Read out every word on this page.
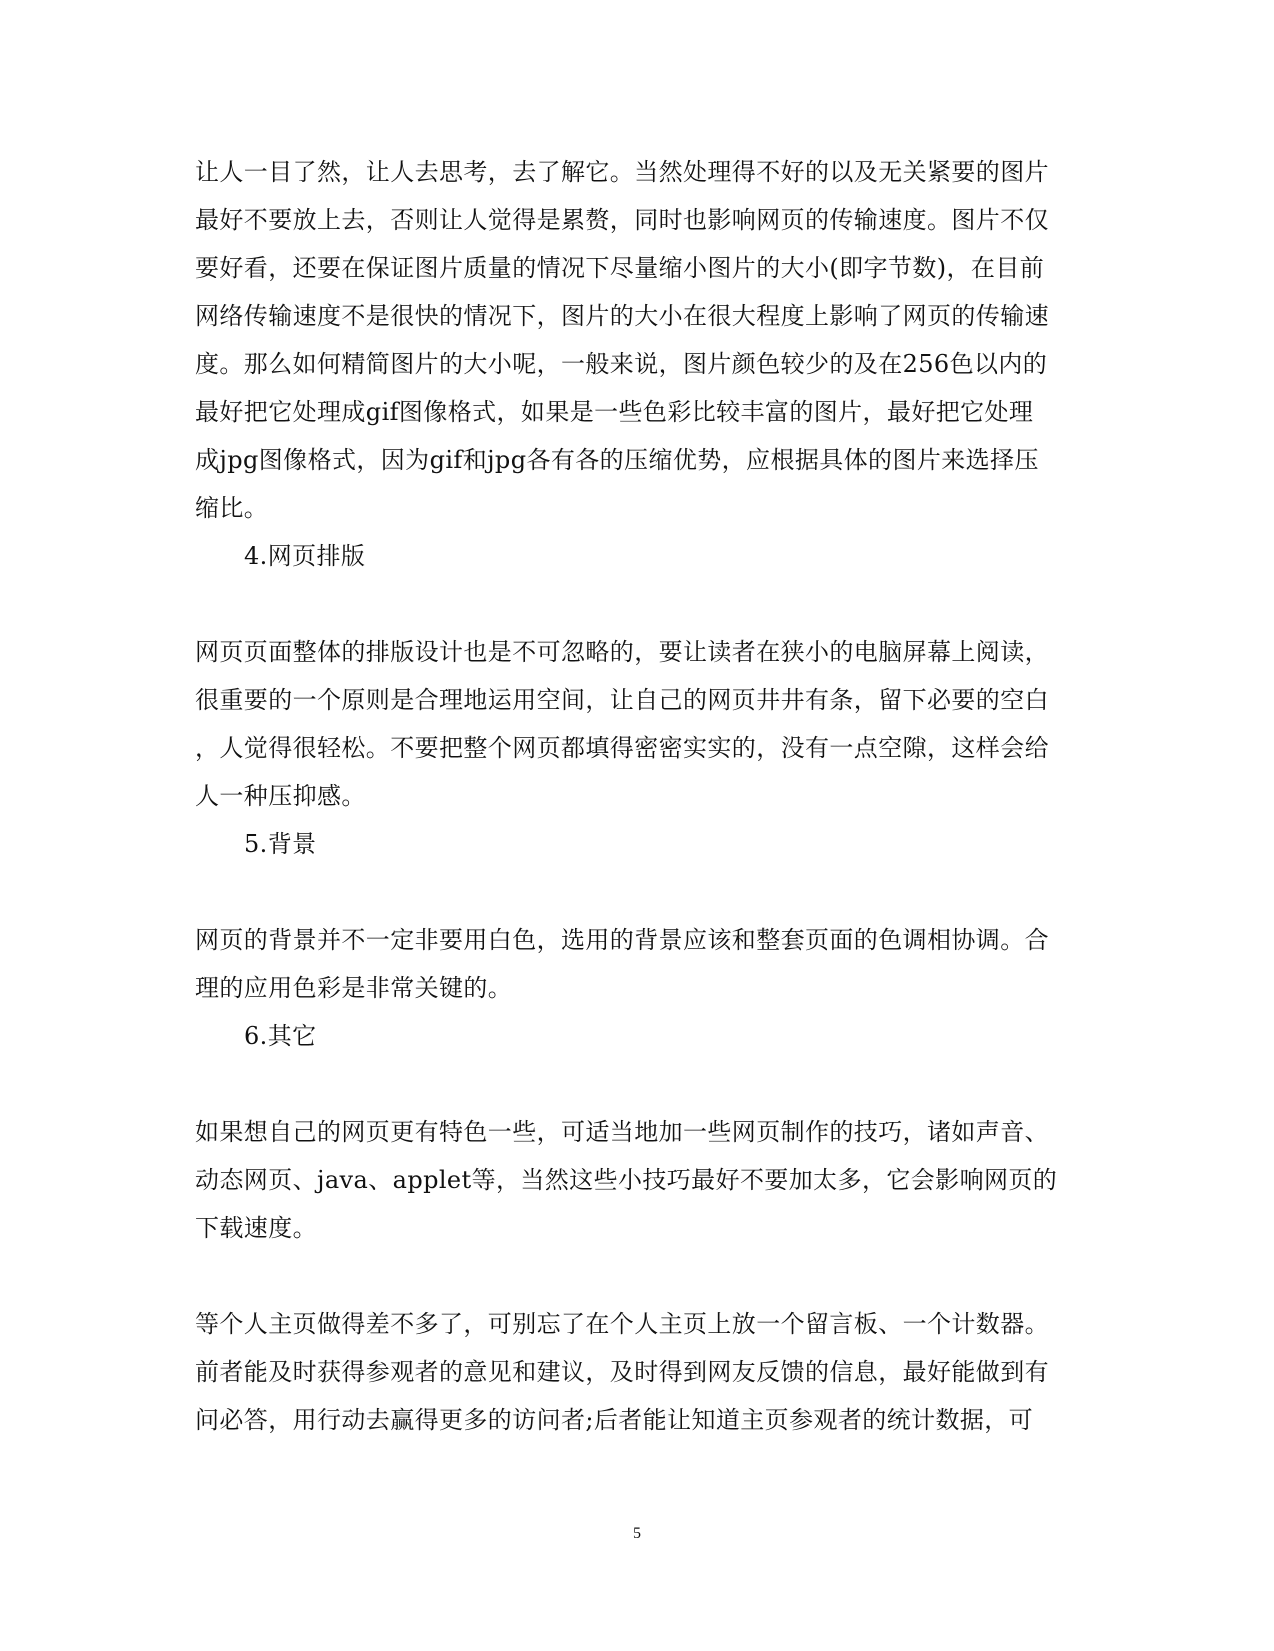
让人一目了然，让人去思考，去了解它。当然处理得不好的以及无关紧要的图片
最好不要放上去，否则让人觉得是累赘，同时也影响网页的传输速度。图片不仅
要好看，还要在保证图片质量的情况下尽量缩小图片的大小(即字节数)，在目前
网络传输速度不是很快的情况下，图片的大小在很大程度上影响了网页的传输速
度。那么如何精简图片的大小呢，一般来说，图片颜色较少的及在256色以内的
最好把它处理成gif图像格式，如果是一些色彩比较丰富的图片，最好把它处理
成jpg图像格式，因为gif和jpg各有各的压缩优势，应根据具体的图片来选择压
缩比。
4.网页排版
网页页面整体的排版设计也是不可忽略的，要让读者在狭小的电脑屏幕上阅读，
很重要的一个原则是合理地运用空间，让自己的网页井井有条，留下必要的空白
，人觉得很轻松。不要把整个网页都填得密密实实的，没有一点空隙，这样会给
人一种压抑感。
5.背景
网页的背景并不一定非要用白色，选用的背景应该和整套页面的色调相协调。合
理的应用色彩是非常关键的。
6.其它
如果想自己的网页更有特色一些，可适当地加一些网页制作的技巧，诸如声音、
动态网页、java、applet等，当然这些小技巧最好不要加太多，它会影响网页的
下载速度。
等个人主页做得差不多了，可别忘了在个人主页上放一个留言板、一个计数器。
前者能及时获得参观者的意见和建议，及时得到网友反馈的信息，最好能做到有
问必答，用行动去赢得更多的访问者;后者能让知道主页参观者的统计数据，可
5
